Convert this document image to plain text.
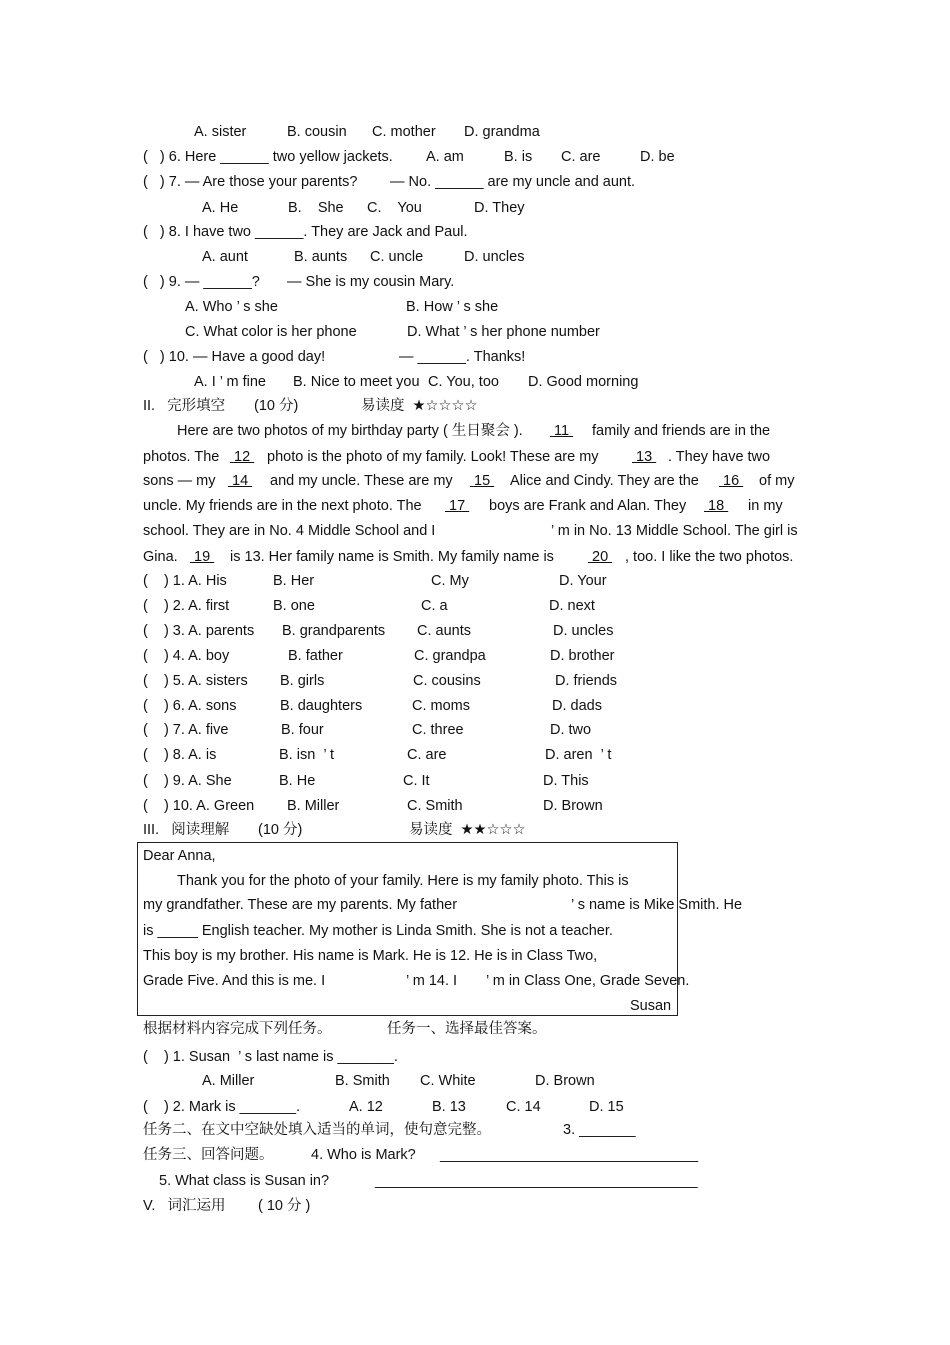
A. sister	B. cousin C. mother D. grandma
(   ) 6. Here ______ two yellow jackets. A. am	B. is C. are	D. be
(   ) 7. — Are those your parents? — No. ______ are my uncle and aunt.
A. He	B.    She C.    You	D. They
(   ) 8. I have two ______. They are Jack and Paul.
A. aunt	B. aunts C. uncle	D. uncles
(   ) 9. — ______? — She is my cousin Mary.
A. Who ’ s she	B. How ’ s she
C. What color is her phone	D. What ’ s her phone number
(   ) 10. — Have a good day!	— ______. Thanks!
A. I ’ m fine B. Nice to meet you C. You, too D. Good morning
II.   完形填空 (10 分)	易读度  ★☆☆☆☆
Here are two photos of my birthday party ( 生日聚会 ). 11 family and friends are in the
photos. The 12 photo is the photo of my family. Look! These are my 13 . They have two
sons — my 14 and my uncle. These are my 15 Alice and Cindy. They are the 16 of my
uncle. My friends are in the next photo. The 17 boys are Frank and Alan. They 18 in my
school. They are in No. 4 Middle School and I	’ m in No. 13 Middle School. The girl is
Gina. 19 is 13. Her family name is Smith. My family name is 20 , too. I like the two photos.
(    ) 1. A. His	B. Her	C. My	D. Your
(    ) 2. A. first	B. one	C. a	D. next
(    ) 3. A. parents B. grandparents C. aunts	D. uncles
(    ) 4. A. boy	B. father	C. grandpa	D. brother
(    ) 5. A. sisters B. girls	C. cousins	D. friends
(    ) 6. A. sons	B. daughters	C. moms	D. dads
(    ) 7. A. five	B. four	C. three	D. two
(    ) 8. A. is	B. isn  ’ t	C. are	D. aren  ’ t
(    ) 9. A. She	B. He	C. It	D. This
(    ) 10. A. Green B. Miller	C. Smith	D. Brown
III.   阅读理解 (10 分)	易读度  ★★☆☆☆
Dear Anna,
Thank you for the photo of your family. Here is my family photo. This is
my grandfather. These are my parents. My father	’ s name is Mike Smith. He
is _____ English teacher. My mother is Linda Smith. She is not a teacher.
This boy is my brother. His name is Mark. He is 12. He is in Class Two,
Grade Five. And this is me. I	’ m 14. I ’ m in Class One, Grade Seven.
Susan
根据材料内容完成下列任务。	任务一、选择最佳答案。
(    ) 1. Susan  ’ s last name is _______.
A. Miller	B. Smith C. White	D. Brown
(    ) 2. Mark is _______.	A. 12	B. 13	C. 14	D. 15
任务二、在文中空缺处填入适当的单词，使句意完整。	3. _______
任务三、回答问题。	4. Who is Mark? ________________________________
5. What class is Susan in?	________________________________________
V.   词汇运用 ( 10 分 )
